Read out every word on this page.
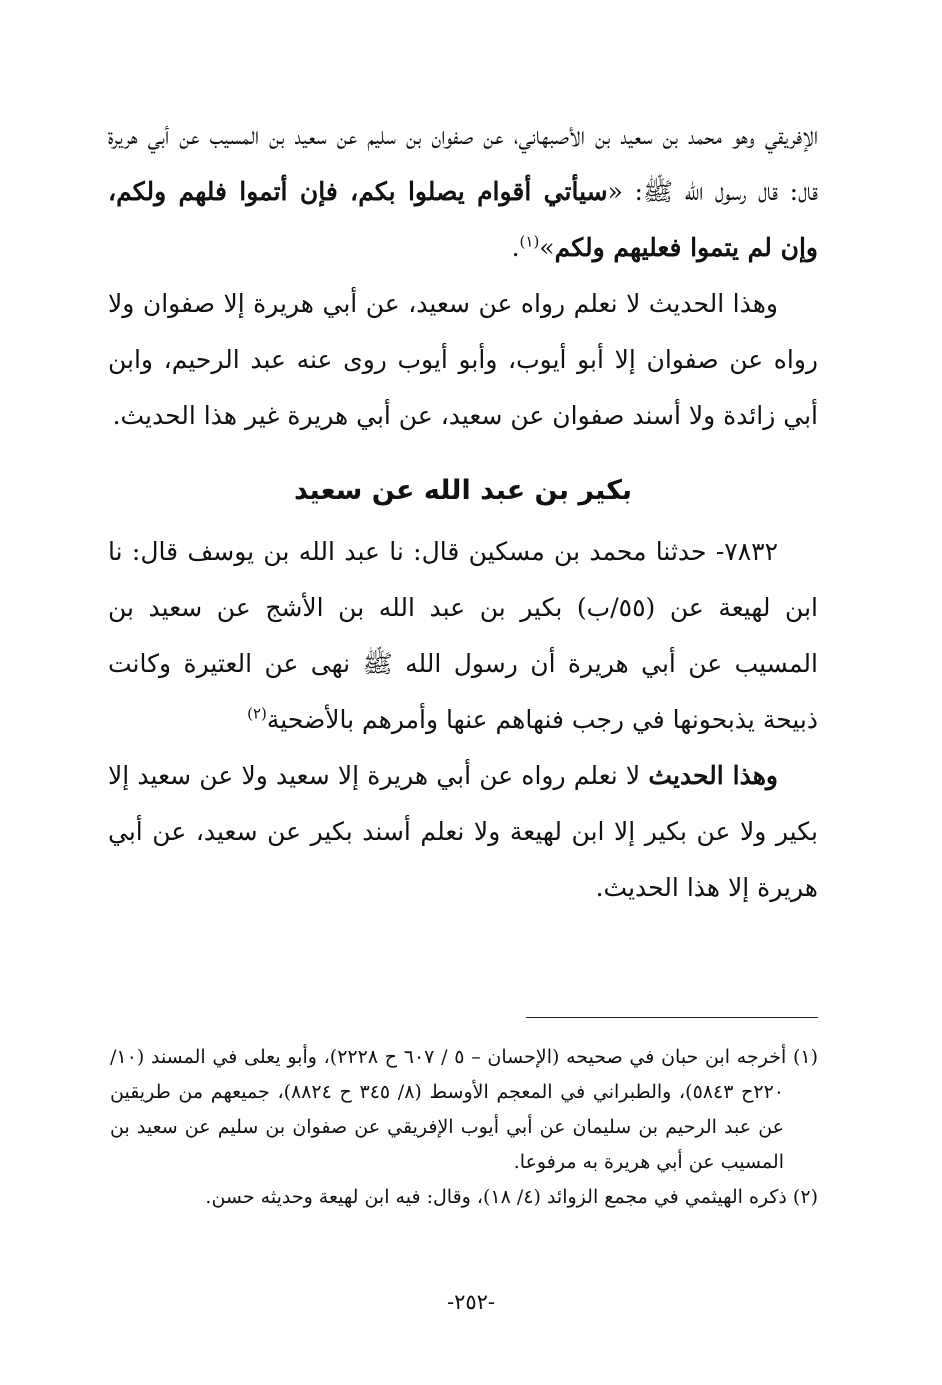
الإفريقي وهو محمد بن سعيد بن الأصبهاني، عن صفوان بن سليم عن سعيد بن المسيب عن أبي هريرة قال: قال رسول الله ﷺ: «سيأتي أقوام يصلوا بكم، فإن أتموا فلهم ولكم، وإن لم يتموا فعليهم ولكم»$^{(١)}$.

وهذا الحديث لا نعلم رواه عن سعيد، عن أبي هريرة إلا صفوان ولا رواه عن صفوان إلا أبو أيوب، وأبو أيوب روى عنه عبد الرحيم، وابن أبي زائدة ولا أسند صفوان عن سعيد، عن أبي هريرة غير هذا الحديث.

بكير بن عبد الله عن سعيد

٧٨٣٢- حدثنا محمد بن مسكين قال: نا عبد الله بن يوسف قال: نا ابن لهيعة عن (٥٥/ب) بكير بن عبد الله بن الأشج عن سعيد بن المسيب عن أبي هريرة أن رسول الله ﷺ نهى عن العتيرة وكانت ذبيحة يذبحونها في رجب فنهاهم عنها وأمرهم بالأضحية$^{(٢)}$

وهذا الحديث لا نعلم رواه عن أبي هريرة إلا سعيد ولا عن سعيد إلا بكير ولا عن بكير إلا ابن لهيعة ولا نعلم أسند بكير عن سعيد، عن أبي هريرة إلا هذا الحديث.

(١) أخرجه ابن حبان في صحيحه (الإحسان – ٥ / ٦٠٧ ح ٢٢٢٨)، وأبو يعلى في المسند (١٠/ ٢٢٠ح ٥٨٤٣)، والطبراني في المعجم الأوسط (٨/ ٣٤٥ ح ٨٨٢٤)، جميعهم من طريقين عن عبد الرحيم بن سليمان عن أبي أيوب الإفريقي عن صفوان بن سليم عن سعيد بن المسيب عن أبي هريرة به مرفوعا.

(٢) ذكره الهيثمي في مجمع الزوائد (٤/ ١٨)، وقال: فيه ابن لهيعة وحديثه حسن.

-٢٥٢-
